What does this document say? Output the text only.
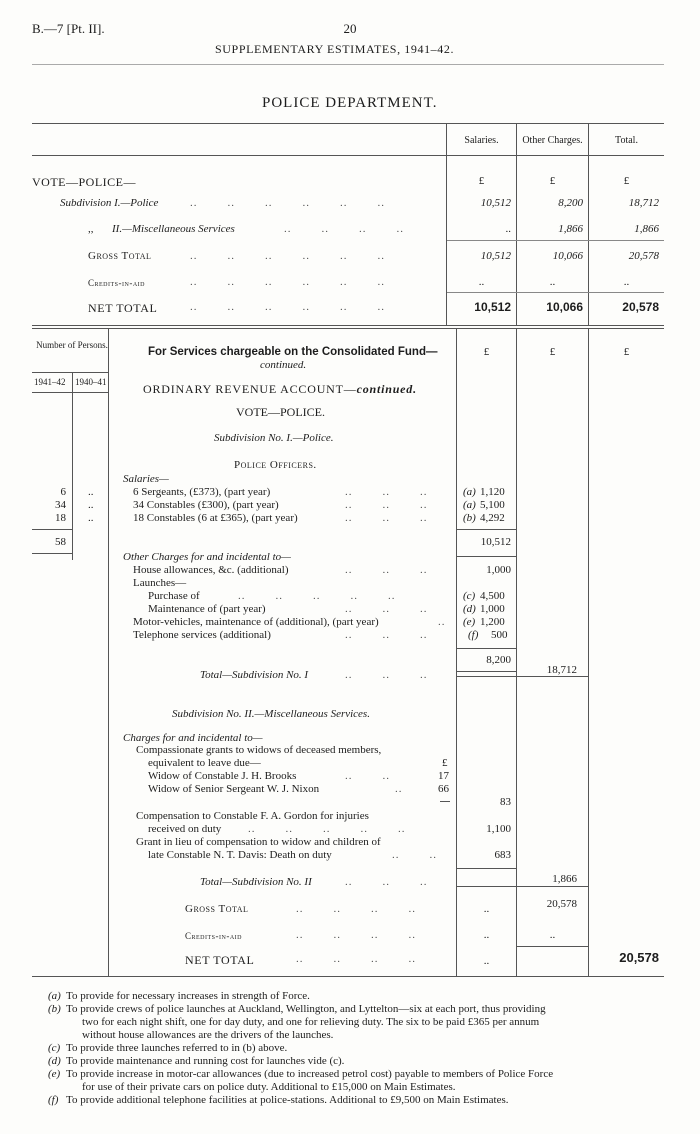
B.—7 [Pt. II].	20
SUPPLEMENTARY ESTIMATES, 1941–42.
POLICE DEPARTMENT.
Salaries.	Other Charges.	Total.
VOTE—POLICE—	£	£	£
Subdivision I.—Police	..        ..        ..        ..        ..        ..	10,512	8,200	18,712
,, II.—Miscellaneous Services	..        ..        ..        ..	..	1,866	1,866
Gross Total	..        ..        ..        ..        ..        ..	10,512	10,066	20,578
Credits-in-aid	..        ..        ..        ..        ..        ..	..	..	..
NET TOTAL	..        ..        ..        ..        ..        ..	10,512	10,066	20,578
Number of Persons.
1941–42 1940–41
For Services chargeable on the Consolidated Fund—
continued.
£	£	£
ORDINARY REVENUE ACCOUNT—continued.
VOTE—POLICE.
Subdivision No. I.—Police.
Police Officers.
Salaries—
6 ..	6 Sergeants, (£373), (part year)	..        ..        ..	(a) 1,120
34 ..	34 Constables (£300), (part year)	..        ..        ..	(a) 5,100
18 ..	18 Constables (6 at £365), (part year)	..        ..        ..	(b) 4,292
58	10,512
Other Charges for and incidental to—
House allowances, &c. (additional)	..        ..        ..	1,000
Launches—
Purchase of	..        ..        ..        ..        ..	(c) 4,500
Maintenance of (part year)	..        ..        ..	(d) 1,000
Motor-vehicles, maintenance of (additional), (part year)	.. (e) 1,200
Telephone services (additional)	..        ..        ..	(f) 500
8,200
Total—Subdivision No. I	..        ..        ..	18,712
Subdivision No. II.—Miscellaneous Services.
Charges for and incidental to—
Compassionate grants to widows of deceased members,
equivalent to leave due—	£
Widow of Constable J. H. Brooks	..        ..	17
Widow of Senior Sergeant W. J. Nixon	..	66
83
Compensation to Constable F. A. Gordon for injuries
received on duty ..        ..        ..        ..        ..	1,100
Grant in lieu of compensation to widow and children of
late Constable N. T. Davis: Death on duty	..        ..	683
Total—Subdivision No. II	..        ..        ..	1,866
Gross Total	..        ..        ..        ..	..	20,578
Credits-in-aid	..        ..        ..        ..	..	..
NET TOTAL	..        ..        ..        ..	..	20,578
(a) To provide for necessary increases in strength of Force.
(b) To provide crews of police launches at Auckland, Wellington, and Lyttelton—six at each port, thus providing
two for each night shift, one for day duty, and one for relieving duty. The six to be paid £365 per annum
without house allowances are the drivers of the launches.
(c) To provide three launches referred to in (b) above.
(d) To provide maintenance and running cost for launches vide (c).
(e) To provide increase in motor-car allowances (due to increased petrol cost) payable to members of Police Force
for use of their private cars on police duty. Additional to £15,000 on Main Estimates.
(f) To provide additional telephone facilities at police-stations. Additional to £9,500 on Main Estimates.
